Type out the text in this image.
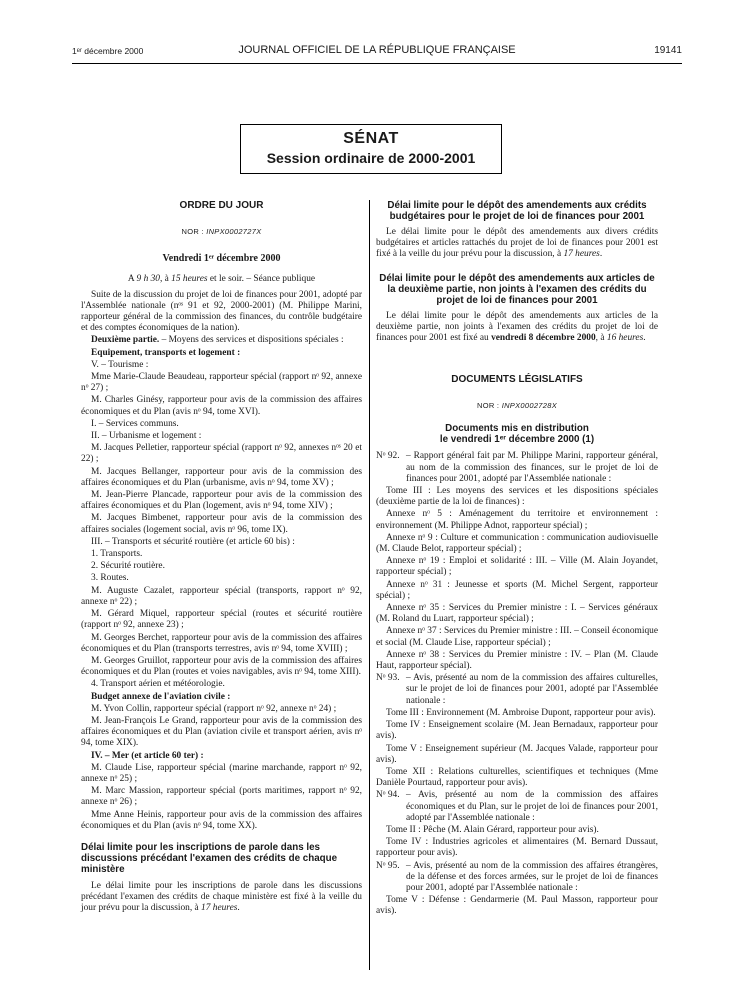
1ᵉʳ décembre 2000	JOURNAL OFFICIEL DE LA RÉPUBLIQUE FRANÇAISE	19141
SÉNAT
Session ordinaire de 2000-2001
ORDRE DU JOUR
NOR : INPX0002727X
Vendredi 1ᵉʳ décembre 2000

A 9 h 30, à 15 heures et le soir. – Séance publique

Suite de la discussion du projet de loi de finances pour 2001, adopté par l'Assemblée nationale (nᵒˢ 91 et 92, 2000-2001) (M. Philippe Marini, rapporteur général de la commission des finances, du contrôle budgétaire et des comptes économiques de la nation).

Deuxième partie. – Moyens des services et dispositions spéciales :

Equipement, transports et logement :

V. – Tourisme :

Mme Marie-Claude Beaudeau, rapporteur spécial (rapport nᵒ 92, annexe nᵒ 27) ;

M. Charles Ginésy, rapporteur pour avis de la commission des affaires économiques et du Plan (avis nᵒ 94, tome XVI).

I. – Services communs.

II. – Urbanisme et logement :

M. Jacques Pelletier, rapporteur spécial (rapport nᵒ 92, annexes nᵒˢ 20 et 22) ;

M. Jacques Bellanger, rapporteur pour avis de la commission des affaires économiques et du Plan (urbanisme, avis nᵒ 94, tome XV) ;

M. Jean-Pierre Plancade, rapporteur pour avis de la commission des affaires économiques et du Plan (logement, avis nᵒ 94, tome XIV) ;

M. Jacques Bimbenet, rapporteur pour avis de la commission des affaires sociales (logement social, avis nᵒ 96, tome IX).

III. – Transports et sécurité routière (et article 60 bis) :

1. Transports.

2. Sécurité routière.

3. Routes.

M. Auguste Cazalet, rapporteur spécial (transports, rapport nᵒ 92, annexe nᵒ 22) ;

M. Gérard Miquel, rapporteur spécial (routes et sécurité routière (rapport nᵒ 92, annexe 23) ;

M. Georges Berchet, rapporteur pour avis de la commission des affaires économiques et du Plan (transports terrestres, avis nᵒ 94, tome XVIII) ;

M. Georges Gruillot, rapporteur pour avis de la commission des affaires économiques et du Plan (routes et voies navigables, avis nᵒ 94, tome XIII).

4. Transport aérien et météorologie.

Budget annexe de l'aviation civile :

M. Yvon Collin, rapporteur spécial (rapport nᵒ 92, annexe nᵒ 24) ;

M. Jean-François Le Grand, rapporteur pour avis de la commission des affaires économiques et du Plan (aviation civile et transport aérien, avis nᵒ 94, tome XIX).

IV. – Mer (et article 60 ter) :

M. Claude Lise, rapporteur spécial (marine marchande, rapport nᵒ 92, annexe nᵒ 25) ;

M. Marc Massion, rapporteur spécial (ports maritimes, rapport nᵒ 92, annexe nᵒ 26) ;

Mme Anne Heinis, rapporteur pour avis de la commission des affaires économiques et du Plan (avis nᵒ 94, tome XX).

Délai limite pour les inscriptions de parole dans les discussions précédant l'examen des crédits de chaque ministère

Le délai limite pour les inscriptions de parole dans les discussions précédant l'examen des crédits de chaque ministère est fixé à la veille du jour prévu pour la discussion, à 17 heures.

Délai limite pour le dépôt des amendements aux crédits budgétaires pour le projet de loi de finances pour 2001

Le délai limite pour le dépôt des amendements aux divers crédits budgétaires et articles rattachés du projet de loi de finances pour 2001 est fixé à la veille du jour prévu pour la discussion, à 17 heures.

Délai limite pour le dépôt des amendements aux articles de la deuxième partie, non joints à l'examen des crédits du projet de loi de finances pour 2001

Le délai limite pour le dépôt des amendements aux articles de la deuxième partie, non joints à l'examen des crédits du projet de loi de finances pour 2001 est fixé au vendredi 8 décembre 2000, à 16 heures.

DOCUMENTS LÉGISLATIFS
NOR : INPX0002728X
Documents mis en distribution
le vendredi 1ᵉʳ décembre 2000 (1)
Nᵒ 92. – Rapport général fait par M. Philippe Marini, rapporteur général, au nom de la commission des finances, sur le projet de loi de finances pour 2001, adopté par l'Assemblée nationale :

Tome III : Les moyens des services et les dispositions spéciales (deuxième partie de la loi de finances) :

Annexe nᵒ 5 : Aménagement du territoire et environnement : environnement (M. Philippe Adnot, rapporteur spécial) ;

Annexe nᵒ 9 : Culture et communication : communication audiovisuelle (M. Claude Belot, rapporteur spécial) ;

Annexe nᵒ 19 : Emploi et solidarité : III. – Ville (M. Alain Joyandet, rapporteur spécial) ;

Annexe nᵒ 31 : Jeunesse et sports (M. Michel Sergent, rapporteur spécial) ;

Annexe nᵒ 35 : Services du Premier ministre : I. – Services généraux (M. Roland du Luart, rapporteur spécial) ;

Annexe nᵒ 37 : Services du Premier ministre : III. – Conseil économique et social (M. Claude Lise, rapporteur spécial) ;

Annexe nᵒ 38 : Services du Premier ministre : IV. – Plan (M. Claude Haut, rapporteur spécial).

Nᵒ 93. – Avis, présenté au nom de la commission des affaires culturelles, sur le projet de loi de finances pour 2001, adopté par l'Assemblée nationale :

Tome III : Environnement (M. Ambroise Dupont, rapporteur pour avis).

Tome IV : Enseignement scolaire (M. Jean Bernadaux, rapporteur pour avis).

Tome V : Enseignement supérieur (M. Jacques Valade, rapporteur pour avis).

Tome XII : Relations culturelles, scientifiques et techniques (Mme Danièle Pourtaud, rapporteur pour avis).

Nᵒ 94. – Avis, présenté au nom de la commission des affaires économiques et du Plan, sur le projet de loi de finances pour 2001, adopté par l'Assemblée nationale :

Tome II : Pêche (M. Alain Gérard, rapporteur pour avis).

Tome IV : Industries agricoles et alimentaires (M. Bernard Dussaut, rapporteur pour avis).

Nᵒ 95. – Avis, présenté au nom de la commission des affaires étrangères, de la défense et des forces armées, sur le projet de loi de finances pour 2001, adopté par l'Assemblée nationale :

Tome V : Défense : Gendarmerie (M. Paul Masson, rapporteur pour avis).
